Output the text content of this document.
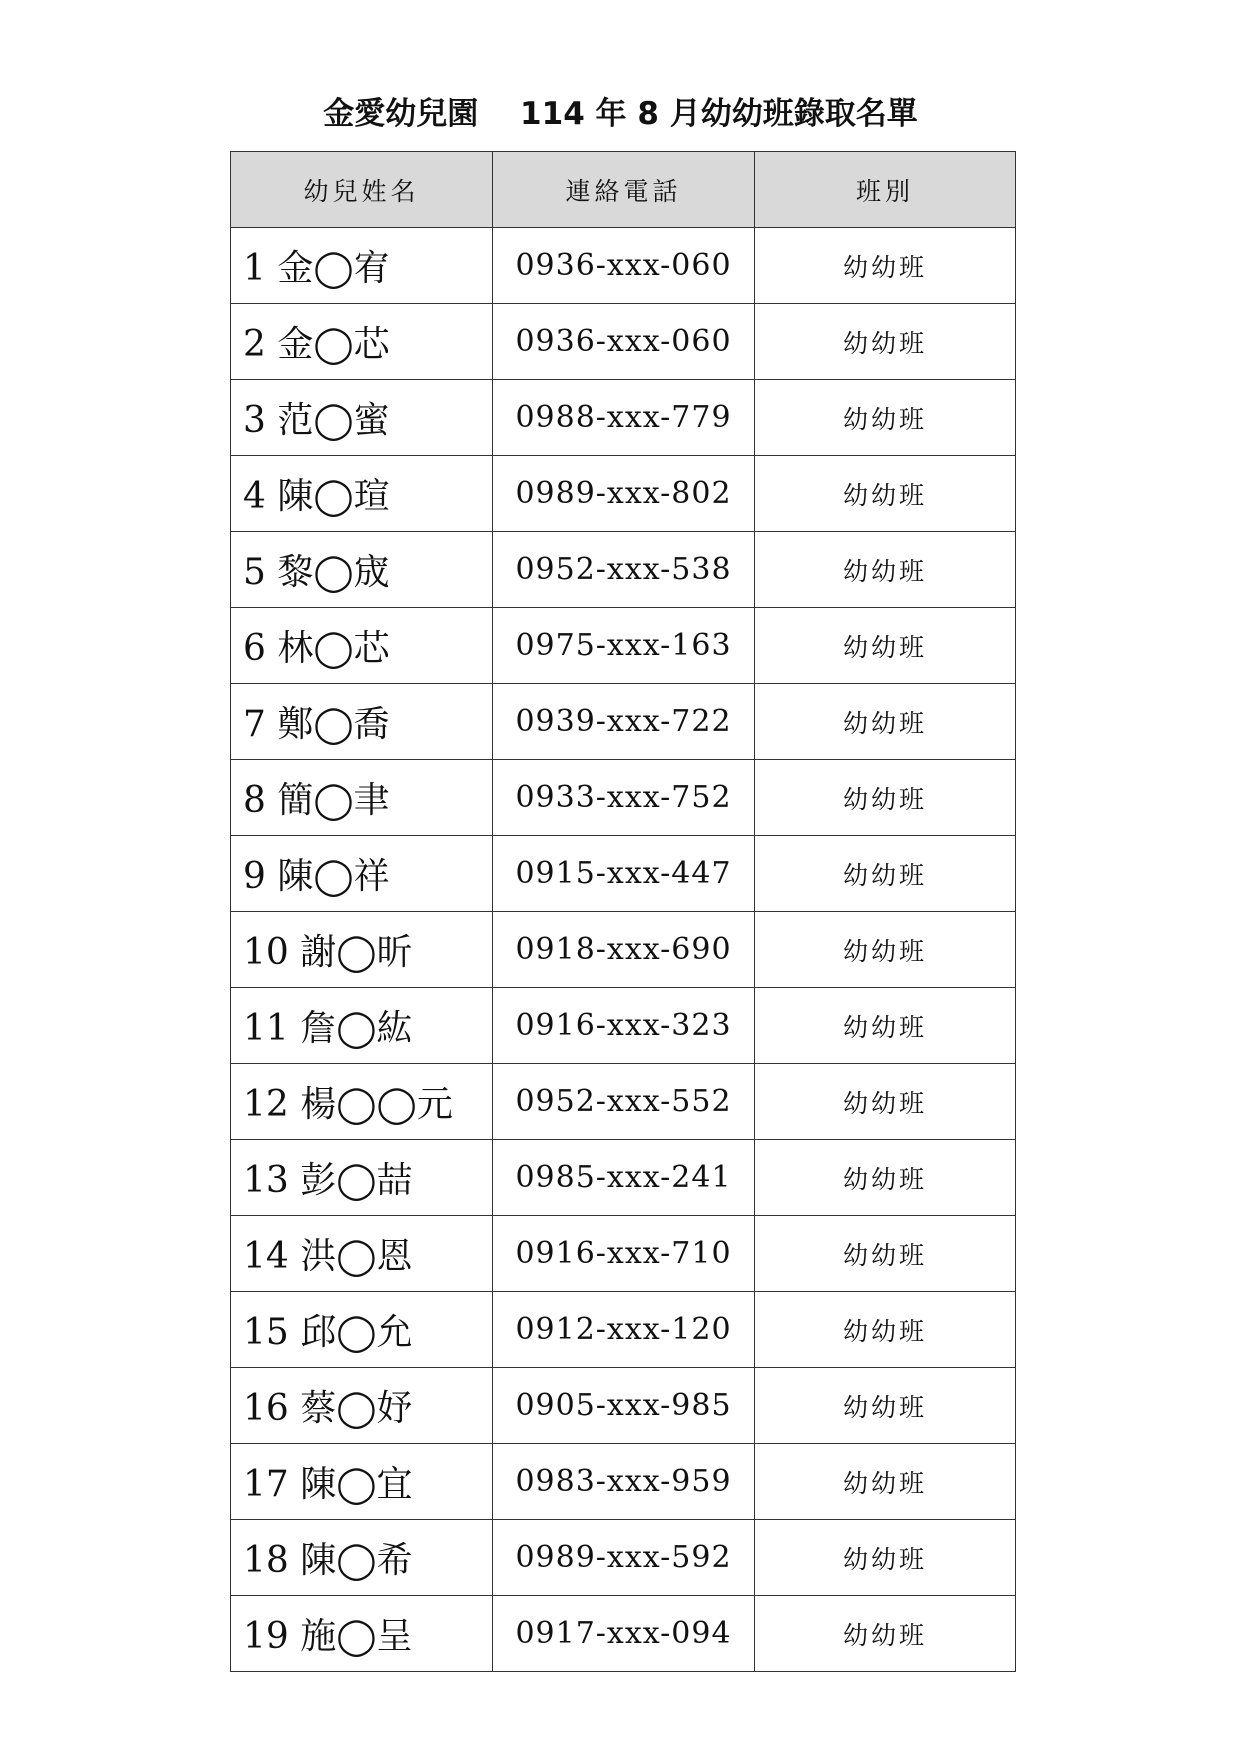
金愛幼兒園　 114 年 8 月幼幼班錄取名單
幼兒姓名	連絡電話	班別
1 金◯宥	0936-xxx-060	幼幼班
2 金◯芯	0936-xxx-060	幼幼班
3 范◯蜜	0988-xxx-779	幼幼班
4 陳◯瑄	0989-xxx-802	幼幼班
5 黎◯宬	0952-xxx-538	幼幼班
6 林◯芯	0975-xxx-163	幼幼班
7 鄭◯喬	0939-xxx-722	幼幼班
8 簡◯聿	0933-xxx-752	幼幼班
9 陳◯祥	0915-xxx-447	幼幼班
10 謝◯昕	0918-xxx-690	幼幼班
11 詹◯紘	0916-xxx-323	幼幼班
12 楊◯◯元	0952-xxx-552	幼幼班
13 彭◯喆	0985-xxx-241	幼幼班
14 洪◯恩	0916-xxx-710	幼幼班
15 邱◯允	0912-xxx-120	幼幼班
16 蔡◯妤	0905-xxx-985	幼幼班
17 陳◯宜	0983-xxx-959	幼幼班
18 陳◯希	0989-xxx-592	幼幼班
19 施◯呈	0917-xxx-094	幼幼班
